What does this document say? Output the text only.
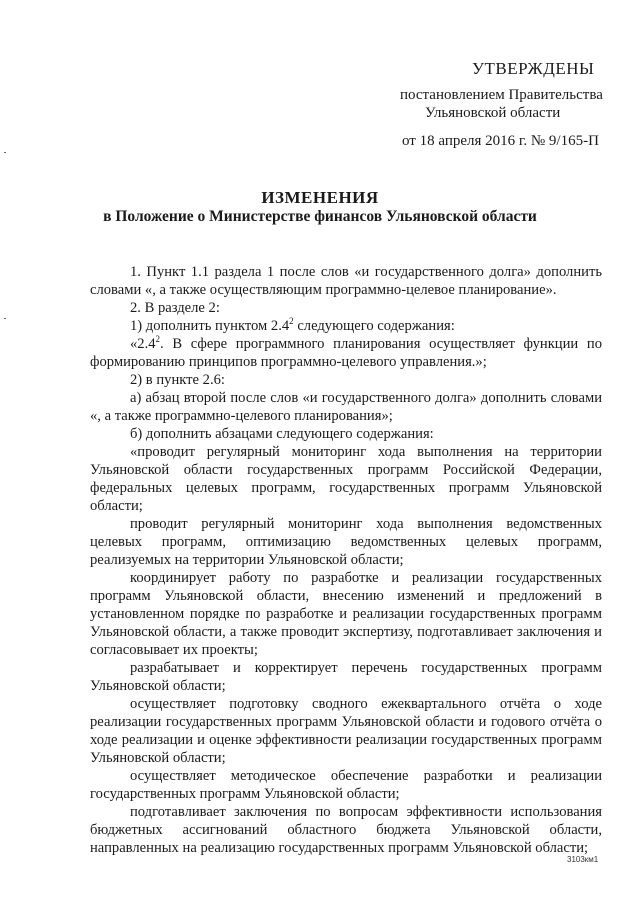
УТВЕРЖДЕНЫ
постановлением Правительства
Ульяновской области
от 18 апреля 2016 г. № 9/165-П
ИЗМЕНЕНИЯ
в Положение о Министерстве финансов Ульяновской области

1. Пункт 1.1 раздела 1 после слов «и государственного долга» дополнить словами «, а также осуществляющим программно-целевое планирование».

2. В разделе 2:

1) дополнить пунктом $2.4^2$ следующего содержания:

«$2.4^2$. В сфере программного планирования осуществляет функции по формированию принципов программно-целевого управления.»;

2) в пункте 2.6:

а) абзац второй после слов «и государственного долга» дополнить словами «, а также программно-целевого планирования»;

б) дополнить абзацами следующего содержания:

«проводит регулярный мониторинг хода выполнения на территории Ульяновской области государственных программ Российской Федерации, федеральных целевых программ, государственных программ Ульяновской области;

проводит регулярный мониторинг хода выполнения ведомственных целевых программ, оптимизацию ведомственных целевых программ, реализуемых на территории Ульяновской области;

координирует работу по разработке и реализации государственных программ Ульяновской области, внесению изменений и предложений в установленном порядке по разработке и реализации государственных программ Ульяновской области, а также проводит экспертизу, подготавливает заключения и согласовывает их проекты;

разрабатывает и корректирует перечень государственных программ Ульяновской области;

осуществляет подготовку сводного ежеквартального отчёта о ходе реализации государственных программ Ульяновской области и годового отчёта о ходе реализации и оценке эффективности реализации государственных программ Ульяновской области;

осуществляет методическое обеспечение разработки и реализации государственных программ Ульяновской области;

подготавливает заключения по вопросам эффективности использования бюджетных ассигнований областного бюджета Ульяновской области, направленных на реализацию государственных программ Ульяновской области;

3103км1
